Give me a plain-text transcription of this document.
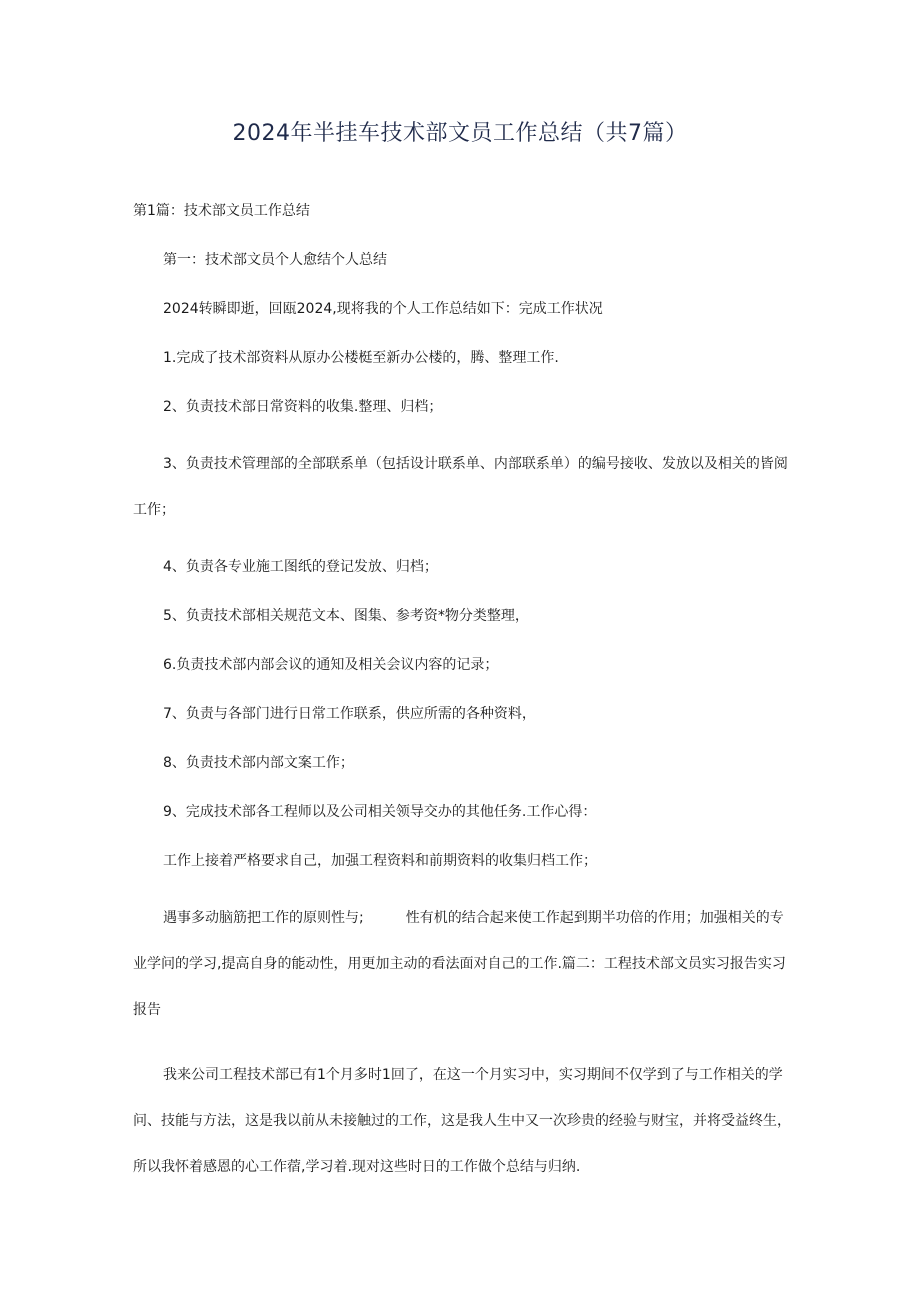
2024年半挂车技术部文员工作总结（共7篇）

第1篇：技术部文员工作总结

第一：技术部文员个人愈结个人总结

2024转瞬即逝，回瓯2024,现将我的个人工作总结如下：完成工作状况

1.完成了技术部资料从原办公楼梃至新办公楼的，腾、整理工作.

2、负责技术部日常资料的收集.整理、归档；

3、负责技术管理部的全部联系单（包括设计联系单、内部联系单）的编号接收、发放以及相关的皆阅工作；

4、负责各专业施工图纸的登记发放、归档；

5、负责技术部相关规范文本、图集、参考资*物分类整理，

6.负责技术部内部会议的通知及相关会议内容的记录；

7、负责与各部门进行日常工作联系，供应所需的各种资料，

8、负责技术部内部文案工作；

9、完成技术部各工程师以及公司相关领导交办的其他任务.工作心得：

工作上接着严格要求自己，加强工程资料和前期资料的收集归档工作；

遇事多动脑筋把工作的原则性与;　　　性有机的结合起来使工作起到期半功倍的作用；加强相关的专业学问的学习,提高自身的能动性，用更加主动的看法面对自己的工作.篇二：工程技术部文员实习报告实习报告

我来公司工程技术部已有1个月多时1回了，在这一个月实习中，实习期间不仅学到了与工作相关的学问、技能与方法，这是我以前从未接触过的工作，这是我人生中又一次珍贵的经验与财宝，并将受益终生，所以我怀着感恩的心工作蓿,学习着.现对这些时日的工作做个总结与归纳.
